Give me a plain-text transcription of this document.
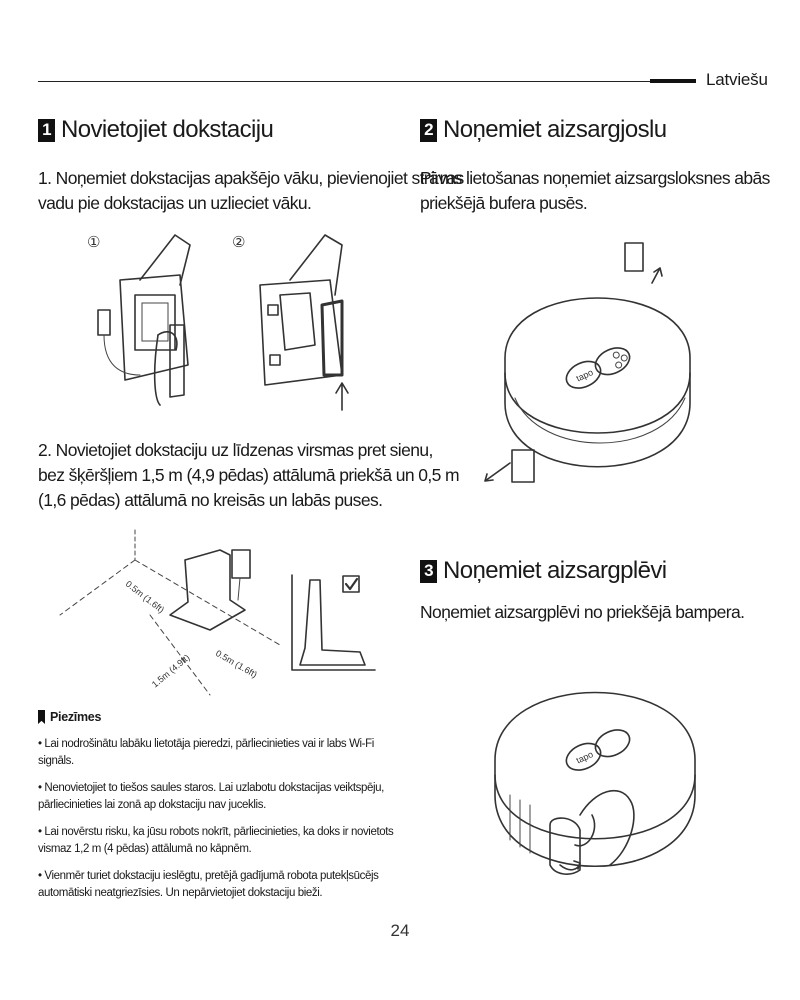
Latviešu
1 Novietojiet dokstaciju
1. Noņemiet dokstacijas apakšējo vāku, pievienojiet strāvas
vadu pie dokstacijas un uzlieciet vāku.
①	②
2. Novietojiet dokstaciju uz līdzenas virsmas pret sienu,
bez šķēršļiem 1,5 m (4,9 pēdas) attālumā priekšā un 0,5 m
(1,6 pēdas) attālumā no kreisās un labās puses.
0.5m (1.6ft)
1.5m (4.9ft) 0.5m (1.6ft)
Piezīmes
• Lai nodrošinātu labāku lietotāja pieredzi, pārliecinieties vai ir labs Wi-Fi signāls.
• Nenovietojiet to tiešos saules staros. Lai uzlabotu dokstacijas veiktspēju, pārliecinieties lai zonā ap dokstaciju nav juceklis.
• Lai novērstu risku, ka jūsu robots nokrīt, pārliecinieties, ka doks ir novietots vismaz 1,2 m (4 pēdas) attālumā no kāpnēm.
• Vienmēr turiet dokstaciju ieslēgtu, pretējā gadījumā robota putekļsūcējs automātiski neatgriezīsies. Un nepārvietojiet dokstaciju bieži.
2 Noņemiet aizsargjoslu
Pirms lietošanas noņemiet aizsargsloksnes abās
priekšējā bufera pusēs.
tapo
3 Noņemiet aizsargplēvi
Noņemiet aizsargplēvi no priekšējā bampera.
tapo
24
